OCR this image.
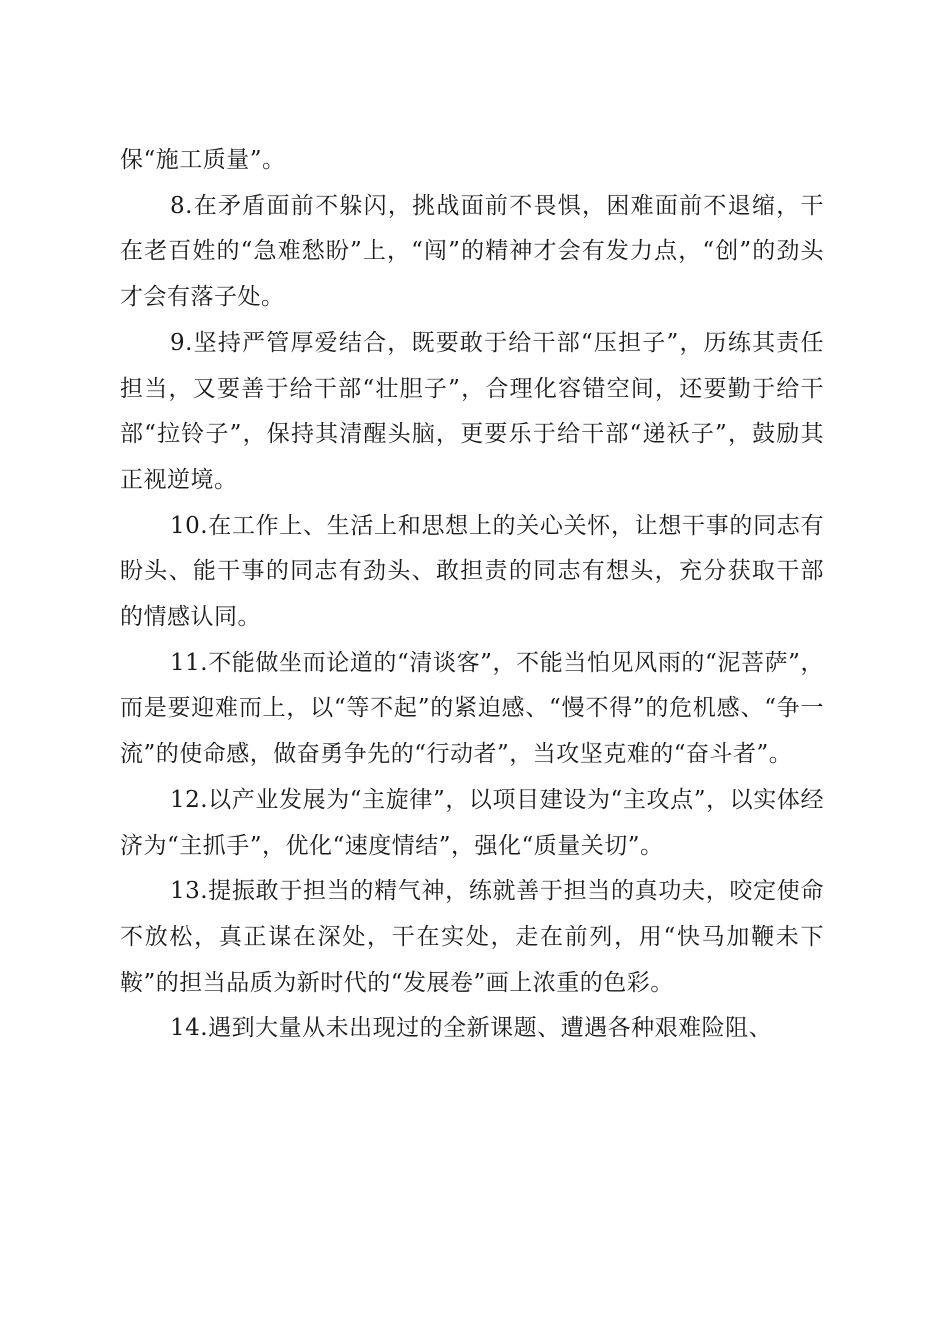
保“施工质量”。

8.在矛盾面前不躲闪，挑战面前不畏惧，困难面前不退缩，干在老百姓的“急难愁盼”上，“闯”的精神才会有发力点，“创”的劲头才会有落子处。

9.坚持严管厚爱结合，既要敢于给干部“压担子”，历练其责任担当，又要善于给干部“壮胆子”，合理化容错空间，还要勤于给干部“拉铃子”，保持其清醒头脑，更要乐于给干部“递袄子”，鼓励其正视逆境。

10.在工作上、生活上和思想上的关心关怀，让想干事的同志有盼头、能干事的同志有劲头、敢担责的同志有想头，充分获取干部的情感认同。

11.不能做坐而论道的“清谈客”，不能当怕见风雨的“泥菩萨”，而是要迎难而上，以“等不起”的紧迫感、“慢不得”的危机感、“争一流”的使命感，做奋勇争先的“行动者”，当攻坚克难的“奋斗者”。

12.以产业发展为“主旋律”，以项目建设为“主攻点”，以实体经济为“主抓手”，优化“速度情结”，强化“质量关切”。

13.提振敢于担当的精气神，练就善于担当的真功夫，咬定使命不放松，真正谋在深处，干在实处，走在前列，用“快马加鞭未下鞍”的担当品质为新时代的“发展卷”画上浓重的色彩。

14.遇到大量从未出现过的全新课题、遭遇各种艰难险阻、
